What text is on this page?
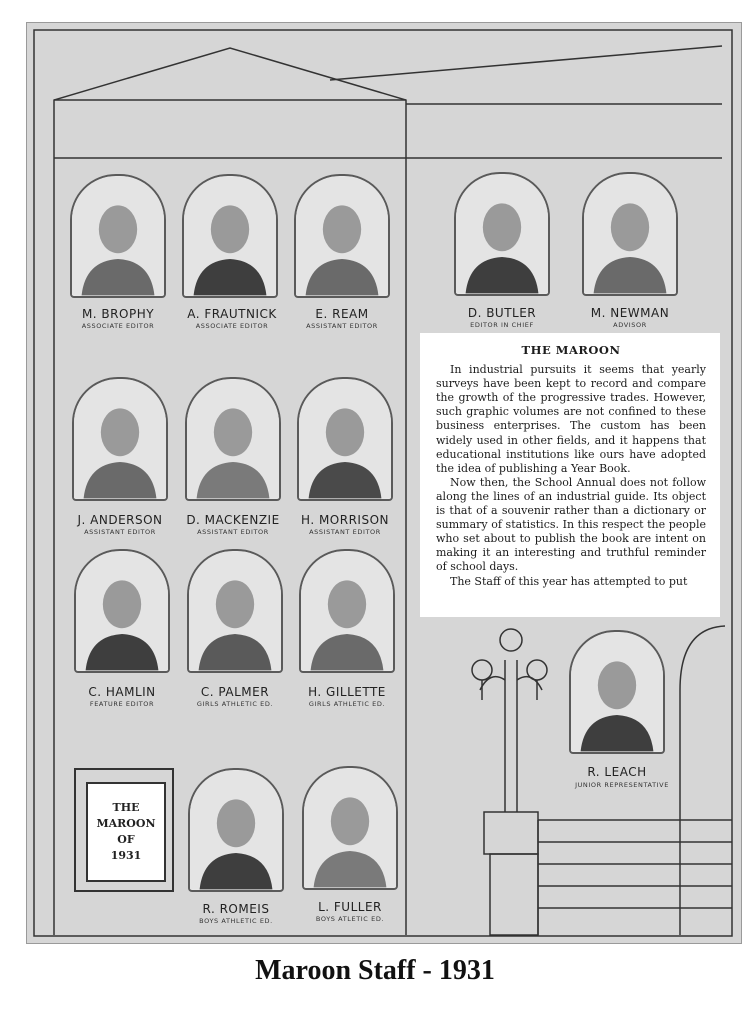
M. BROPHY
ASSOCIATE EDITOR
A. FRAUTNICK
ASSOCIATE EDITOR
E. REAM
ASSISTANT EDITOR
D. BUTLER
EDITOR IN CHIEF
M. NEWMAN
ADVISOR
J. ANDERSON
ASSISTANT EDITOR
D. MACKENZIE
ASSISTANT EDITOR
H. MORRISON
ASSISTANT EDITOR
C. HAMLIN
FEATURE EDITOR
C. PALMER
GIRLS ATHLETIC ED.
H. GILLETTE
GIRLS ATHLETIC ED.
R. LEACH
JUNIOR REPRESENTATIVE
R. ROMEIS
BOYS ATHLETIC ED.
L. FULLER
BOYS ATLETIC ED.
THE
MAROON
OF
1931
THE MAROON

In industrial pursuits it seems that yearly surveys have been kept to record and compare the growth of the progressive trades. However, such graphic volumes are not confined to these business enterprises. The custom has been widely used in other fields, and it happens that educational institutions like ours have adopted the idea of publishing a Year Book.

Now then, the School Annual does not follow along the lines of an industrial guide. Its object is that of a souvenir rather than a dictionary or summary of statistics. In this respect the people who set about to publish the book are intent on making it an interesting and truthful reminder of school days.

The Staff of this year has attempted to put

Maroon Staff - 1931
